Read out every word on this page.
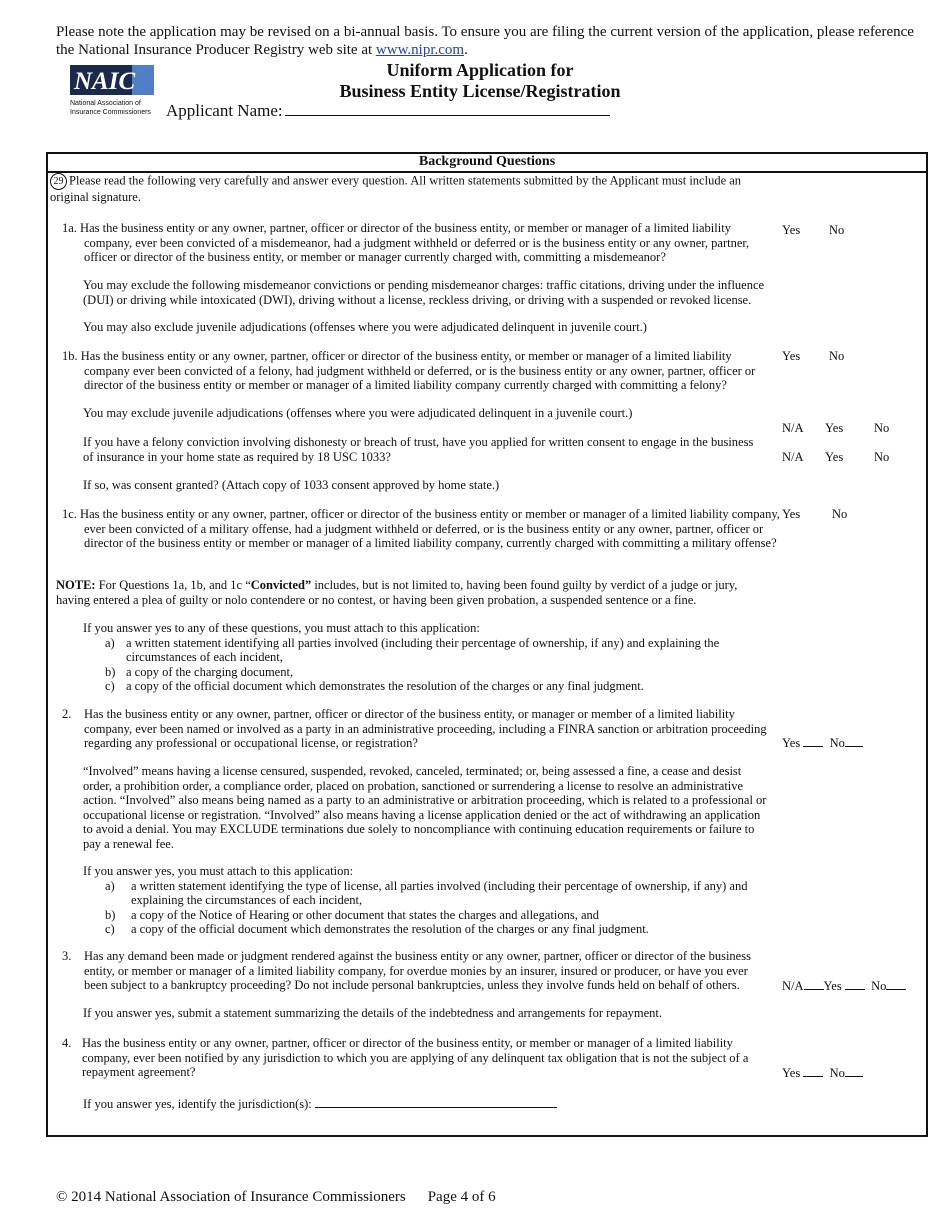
Please note the application may be revised on a bi-annual basis. To ensure you are filing the current version of the application, please reference the National Insurance Producer Registry web site at www.nipr.com.
NAIC
National Association of
Insurance Commissioners
Uniform Application for
Business Entity License/Registration
Applicant Name:
Background Questions
29 Please read the following very carefully and answer every question. All written statements submitted by the Applicant must include an original signature.
1a. Has the business entity or any owner, partner, officer or director of the business entity, or member or manager of a limited liability company, ever been convicted of a misdemeanor, had a judgment withheld or deferred or is the business entity or any owner, partner, officer or director of the business entity, or member or manager currently charged with, committing a misdemeanor?
Yes No
You may exclude the following misdemeanor convictions or pending misdemeanor charges: traffic citations, driving under the influence (DUI) or driving while intoxicated (DWI), driving without a license, reckless driving, or driving with a suspended or revoked license.
You may also exclude juvenile adjudications (offenses where you were adjudicated delinquent in juvenile court.)
1b. Has the business entity or any owner, partner, officer or director of the business entity, or member or manager of a limited liability company ever been convicted of a felony, had judgment withheld or deferred, or is the business entity or any owner, partner, officer or director of the business entity or member or manager of a limited liability company currently charged with committing a felony?
Yes No
You may exclude juvenile adjudications (offenses where you were adjudicated delinquent in a juvenile court.)
If you have a felony conviction involving dishonesty or breach of trust, have you applied for written consent to engage in the business of insurance in your home state as required by 18 USC 1033?
N/A Yes No
N/A Yes No
If so, was consent granted? (Attach copy of 1033 consent approved by home state.)
1c. Has the business entity or any owner, partner, officer or director of the business entity or member or manager of a limited liability company, ever been convicted of a military offense, had a judgment withheld or deferred, or is the business entity or any owner, partner, officer or director of the business entity or member or manager of a limited liability company, currently charged with committing a military offense?
Yes	No
NOTE: For Questions 1a, 1b, and 1c “Convicted” includes, but is not limited to, having been found guilty by verdict of a judge or jury, having entered a plea of guilty or nolo contendere or no contest, or having been given probation, a suspended sentence or a fine.
If you answer yes to any of these questions, you must attach to this application:
a) a written statement identifying all parties involved (including their percentage of ownership, if any) and explaining the circumstances of each incident,
b) a copy of the charging document,
c) a copy of the official document which demonstrates the resolution of the charges or any final judgment.
2.	Has the business entity or any owner, partner, officer or director of the business entity, or manager or member of a limited liability company, ever been named or involved as a party in an administrative proceeding, including a FINRA sanction or arbitration proceeding regarding any professional or occupational license, or registration?	Yes No
“Involved” means having a license censured, suspended, revoked, canceled, terminated; or, being assessed a fine, a cease and desist order, a prohibition order, a compliance order, placed on probation, sanctioned or surrendering a license to resolve an administrative action. “Involved” also means being named as a party to an administrative or arbitration proceeding, which is related to a professional or occupational license or registration. “Involved” also means having a license application denied or the act of withdrawing an application to avoid a denial. You may EXCLUDE terminations due solely to noncompliance with continuing education requirements or failure to pay a renewal fee.
If you answer yes, you must attach to this application:
a) a written statement identifying the type of license, all parties involved (including their percentage of ownership, if any) and explaining the circumstances of each incident,
b) a copy of the Notice of Hearing or other document that states the charges and allegations, and
c) a copy of the official document which demonstrates the resolution of the charges or any final judgment.
3.	Has any demand been made or judgment rendered against the business entity or any owner, partner, officer or director of the business entity, or member or manager of a limited liability company, for overdue monies by an insurer, insured or producer, or have you ever been subject to a bankruptcy proceeding? Do not include personal bankruptcies, unless they involve funds held on behalf of others.	N/A Yes No
If you answer yes, submit a statement summarizing the details of the indebtedness and arrangements for repayment.
4. Has the business entity or any owner, partner, officer or director of the business entity, or member or manager of a limited liability company, ever been notified by any jurisdiction to which you are applying of any delinquent tax obligation that is not the subject of a repayment agreement?	Yes No
If you answer yes, identify the jurisdiction(s):
© 2014 National Association of Insurance Commissioners Page 4 of 6
